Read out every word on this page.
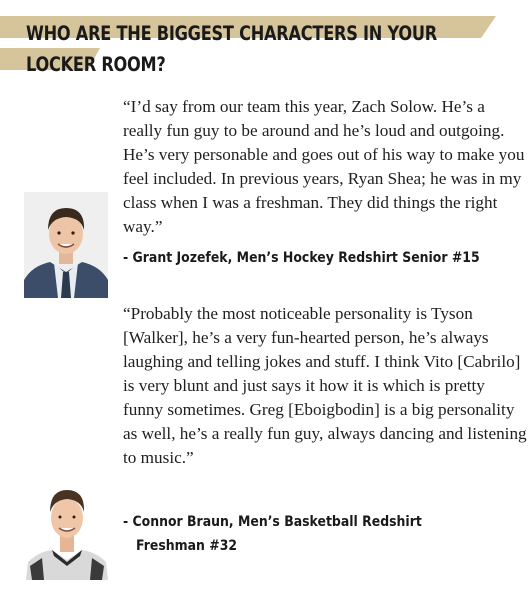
WHO ARE THE BIGGEST CHARACTERS IN YOUR LOCKER ROOM?

“I’d say from our team this year, Zach Solow. He’s a really fun guy to be around and he’s loud and outgoing. He’s very personable and goes out of his way to make you feel included. In previous years, Ryan Shea; he was in my class when I was a freshman. They did things the right way.”

- Grant Jozefek, Men’s Hockey Redshirt Senior #15

“Probably the most noticeable personality is Tyson [Walker], he’s a very fun-hearted person, he’s always laughing and telling jokes and stuff. I think Vito [Cabrilo] is very blunt and just says it how it is which is pretty funny sometimes. Greg [Eboigbodin] is a big personality as well, he’s a really fun guy, always dancing and listening to music.”

- Connor Braun, Men’s Basketball Redshirt
Freshman #32
